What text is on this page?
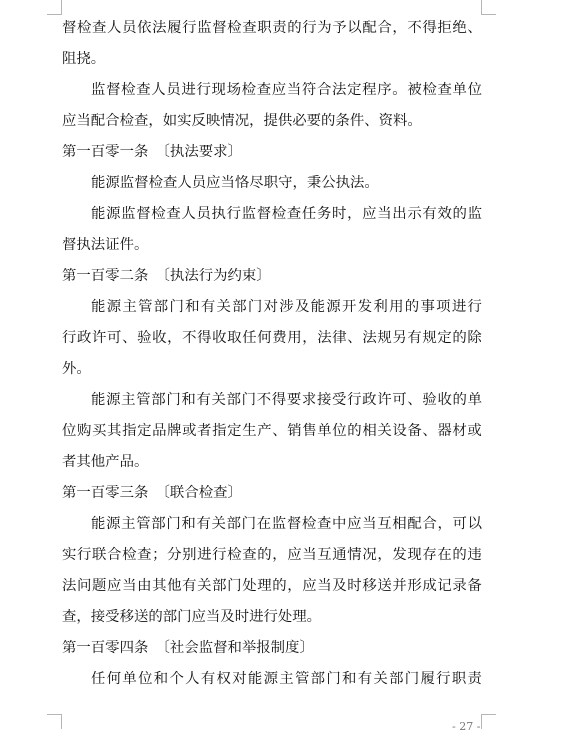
督 检 查 人 员 依 法 履 行 监 督 检 查 职 责 的 行 为 予 以 配 合 ， 不 得 拒 绝 、
阻挠。
监 督 检 查 人 员 进 行 现 场 检 查 应 当 符 合 法 定 程 序 。 被 检 查 单 位
应当配合检查，如实反映情况，提供必要的条件、资料。
第一百零一条　〔执法要求〕
能源监督检查人员应当恪尽职守，秉公执法。
能 源 监 督 检 查 人 员 执 行 监 督 检 查 任 务 时 ， 应 当 出 示 有 效 的 监
督执法证件。
第一百零二条　〔执法行为约束〕
能 源 主 管 部 门 和 有 关 部 门 对 涉 及 能 源 开 发 利 用 的 事 项 进 行
行 政 许 可 、 验 收 ， 不 得 收 取 任 何 费 用 ， 法 律 、 法 规 另 有 规 定 的 除
外。
能 源 主 管 部 门 和 有 关 部 门 不 得 要 求 接 受 行 政 许 可 、 验 收 的 单
位 购 买 其 指 定 品 牌 或 者 指 定 生 产 、 销 售 单 位 的 相 关 设 备 、 器 材 或
者其他产品。
第一百零三条　〔联合检查〕
能 源 主 管 部 门 和 有 关 部 门 在 监 督 检 查 中 应 当 互 相 配 合 ， 可 以
实 行 联 合 检 查 ； 分 别 进 行 检 查 的 ， 应 当 互 通 情 况 ， 发 现 存 在 的 违
法 问 题 应 当 由 其 他 有 关 部 门 处 理 的 ， 应 当 及 时 移 送 并 形 成 记 录 备
查，接受移送的部门应当及时进行处理。
第一百零四条　〔社会监督和举报制度〕
任 何 单 位 和 个 人 有 权 对 能 源 主 管 部 门 和 有 关 部 门 履 行 职 责
- 27 -
